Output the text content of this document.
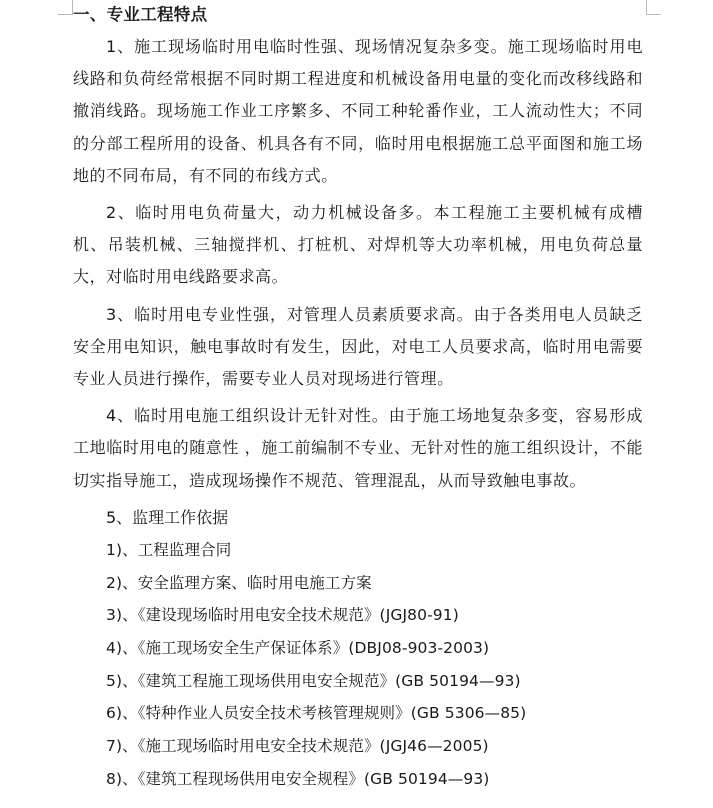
一、专业工程特点

1、施工现场临时用电临时性强、现场情况复杂多变。施工现场临时用电线路和负荷经常根据不同时期工程进度和机械设备用电量的变化而改移线路和撤消线路。现场施工作业工序繁多、不同工种轮番作业，工人流动性大；不同的分部工程所用的设备、机具各有不同，临时用电根据施工总平面图和施工场地的不同布局，有不同的布线方式。

2、临时用电负荷量大，动力机械设备多。本工程施工主要机械有成槽机、吊装机械、三轴搅拌机、打桩机、对焊机等大功率机械，用电负荷总量大，对临时用电线路要求高。

3、临时用电专业性强，对管理人员素质要求高。由于各类用电人员缺乏安全用电知识，触电事故时有发生，因此，对电工人员要求高，临时用电需要专业人员进行操作，需要专业人员对现场进行管理。

4、临时用电施工组织设计无针对性。由于施工场地复杂多变，容易形成工地临时用电的随意性 ，施工前编制不专业、无针对性的施工组织设计，不能切实指导施工，造成现场操作不规范、管理混乱，从而导致触电事故。

5、监理工作依据
1)、工程监理合同
2)、安全监理方案、临时用电施工方案
3)、《建设现场临时用电安全技术规范》(JGJ80-91)
4)、《施工现场安全生产保证体系》(DBJ08-903-2003)
5)、《建筑工程施工现场供用电安全规范》(GB 50194—93)
6)、《特种作业人员安全技术考核管理规则》(GB 5306—85)
7)、《施工现场临时用电安全技术规范》(JGJ46—2005)
8)、《建筑工程现场供用电安全规程》(GB 50194—93)
